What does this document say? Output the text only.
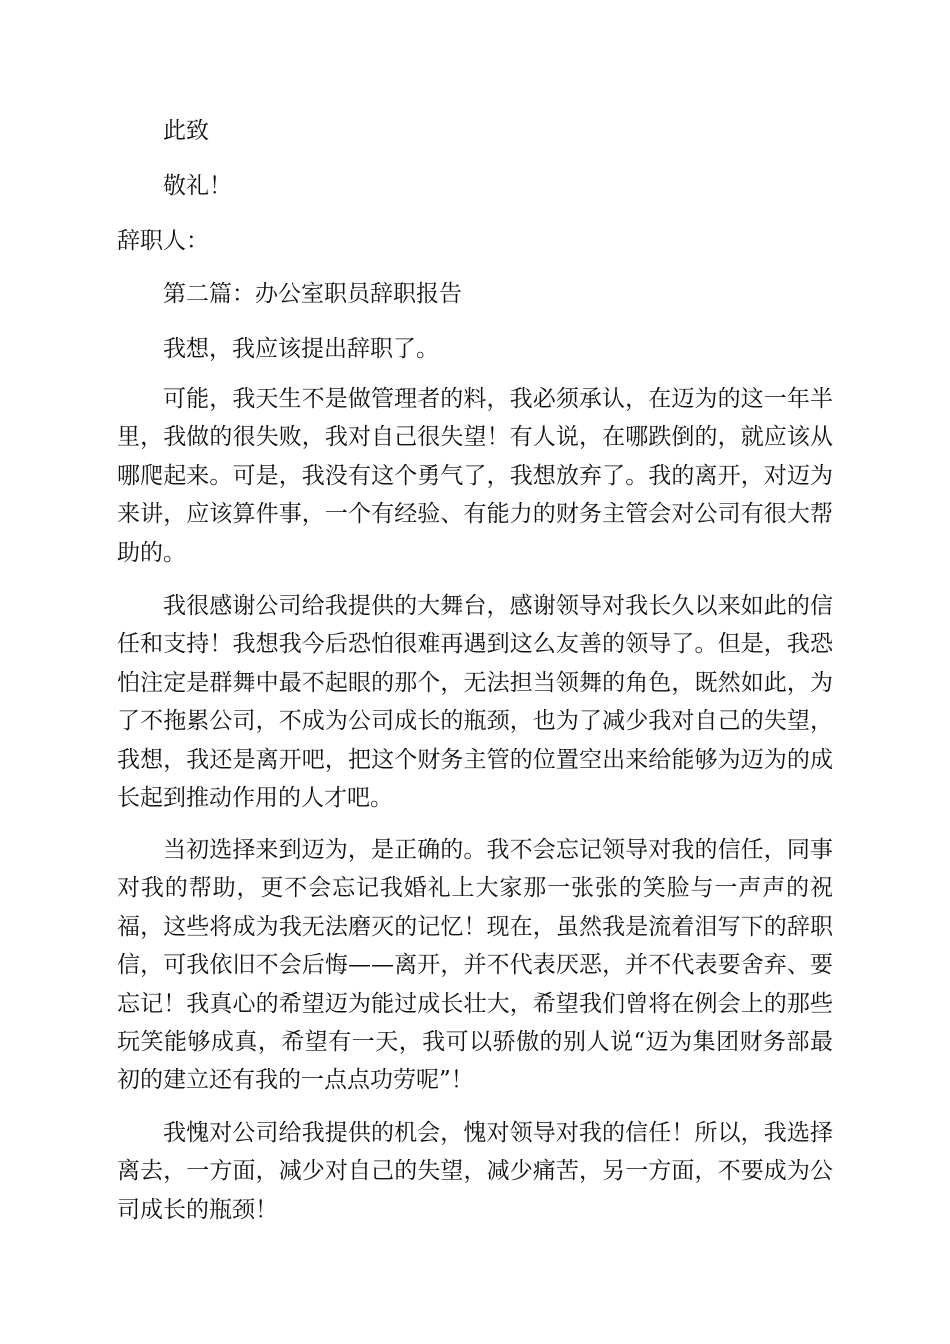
此致

敬礼！

辞职人：

第二篇：办公室职员辞职报告

我想，我应该提出辞职了。

可能，我天生不是做管理者的料，我必须承认，在迈为的这一年半里，我做的很失败，我对自己很失望！有人说，在哪跌倒的，就应该从哪爬起来。可是，我没有这个勇气了，我想放弃了。我的离开，对迈为来讲，应该算件事，一个有经验、有能力的财务主管会对公司有很大帮助的。

我很感谢公司给我提供的大舞台，感谢领导对我长久以来如此的信任和支持！我想我今后恐怕很难再遇到这么友善的领导了。但是，我恐怕注定是群舞中最不起眼的那个，无法担当领舞的角色，既然如此，为了不拖累公司，不成为公司成长的瓶颈，也为了减少我对自己的失望，我想，我还是离开吧，把这个财务主管的位置空出来给能够为迈为的成长起到推动作用的人才吧。

当初选择来到迈为，是正确的。我不会忘记领导对我的信任，同事对我的帮助，更不会忘记我婚礼上大家那一张张的笑脸与一声声的祝福，这些将成为我无法磨灭的记忆！现在，虽然我是流着泪写下的辞职信，可我依旧不会后悔——离开，并不代表厌恶，并不代表要舍弃、要忘记！我真心的希望迈为能过成长壮大，希望我们曾将在例会上的那些玩笑能够成真，希望有一天，我可以骄傲的别人说“迈为集团财务部最初的建立还有我的一点点功劳呢”！

我愧对公司给我提供的机会，愧对领导对我的信任！所以，我选择离去，一方面，减少对自己的失望，减少痛苦，另一方面，不要成为公司成长的瓶颈！
